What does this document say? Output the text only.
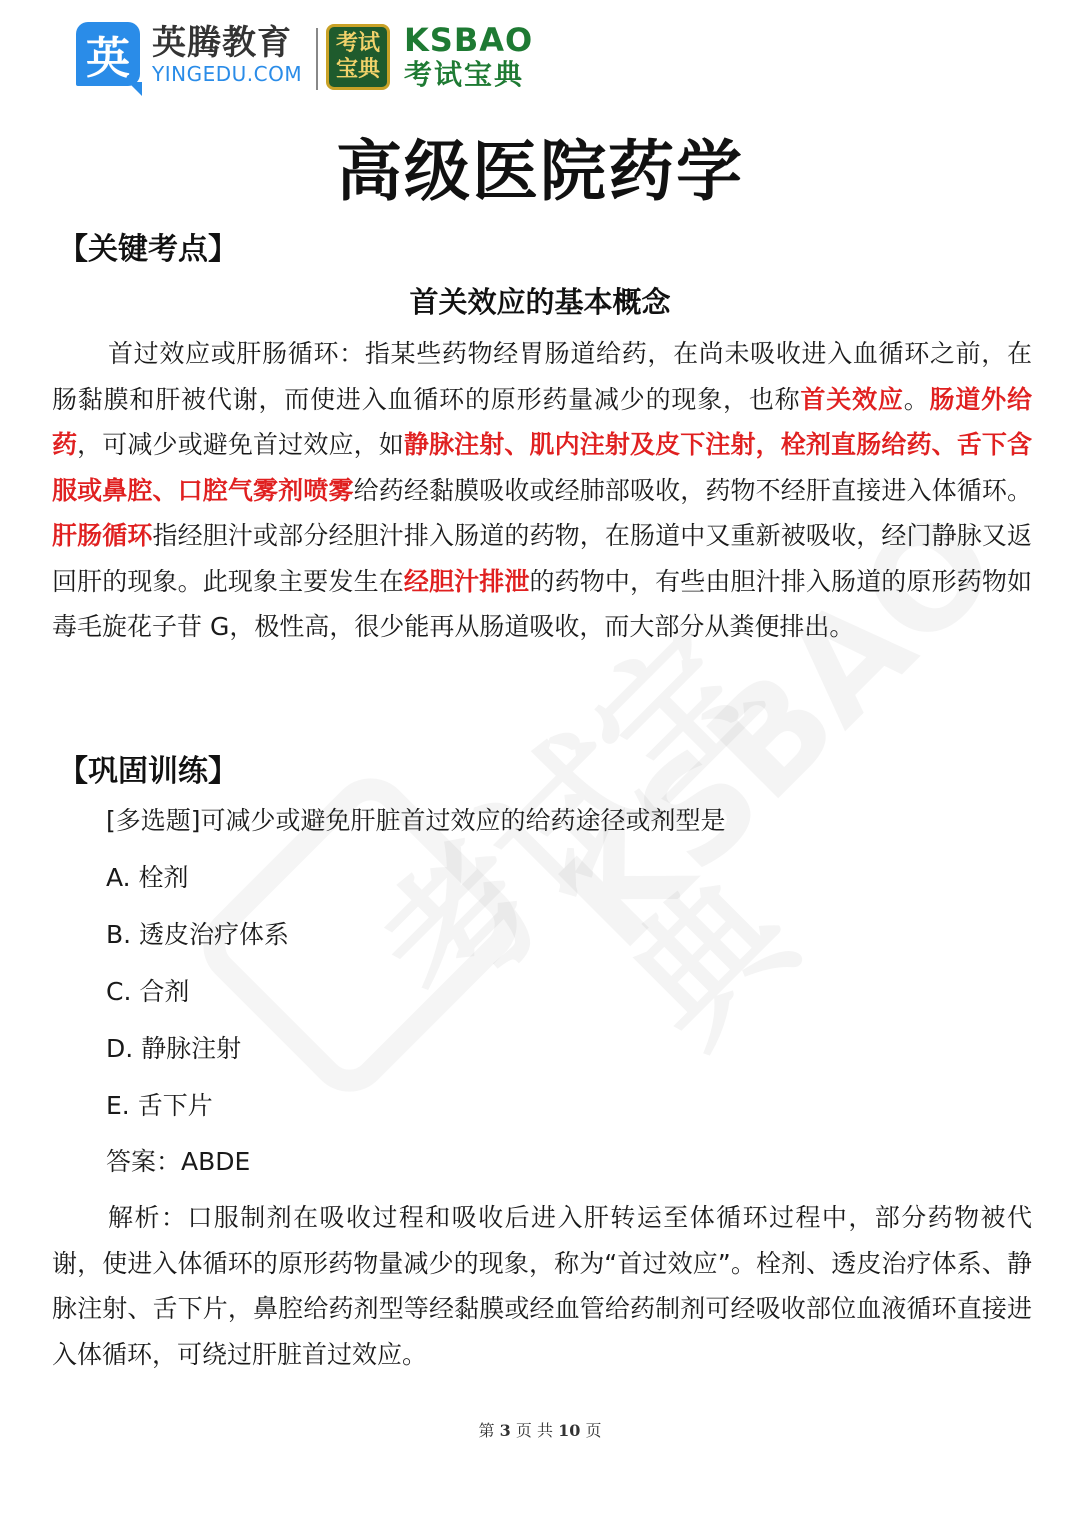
英 英腾教育
YINGEDU.COM
考试宝典
KSBAO
考试宝典
高级医院药学
【关键考点】
首关效应的基本概念
首过效应或肝肠循环：指某些药物经胃肠道给药，在尚未吸收进入血循环之前，在肠黏膜和肝被代谢，而使进入血循环的原形药量减少的现象，也称首关效应。肠道外给药，可减少或避免首过效应，如静脉注射、肌内注射及皮下注射，栓剂直肠给药、舌下含服或鼻腔、口腔气雾剂喷雾给药经黏膜吸收或经肺部吸收，药物不经肝直接进入体循环。肝肠循环指经胆汁或部分经胆汁排入肠道的药物，在肠道中又重新被吸收，经门静脉又返回肝的现象。此现象主要发生在经胆汁排泄的药物中，有些由胆汁排入肠道的原形药物如毒毛旋花子苷 G，极性高，很少能再从肠道吸收，而大部分从粪便排出。
【巩固训练】
[多选题]可减少或避免肝脏首过效应的给药途径或剂型是
A. 栓剂
B. 透皮治疗体系
C. 合剂
D. 静脉注射
E. 舌下片
答案：ABDE
解析：口服制剂在吸收过程和吸收后进入肝转运至体循环过程中，部分药物被代谢，使进入体循环的原形药物量减少的现象，称为“首过效应”。栓剂、透皮治疗体系、静脉注射、舌下片，鼻腔给药剂型等经黏膜或经血管给药制剂可经吸收部位血液循环直接进入体循环，可绕过肝脏首过效应。
第 3 页 共 10 页
